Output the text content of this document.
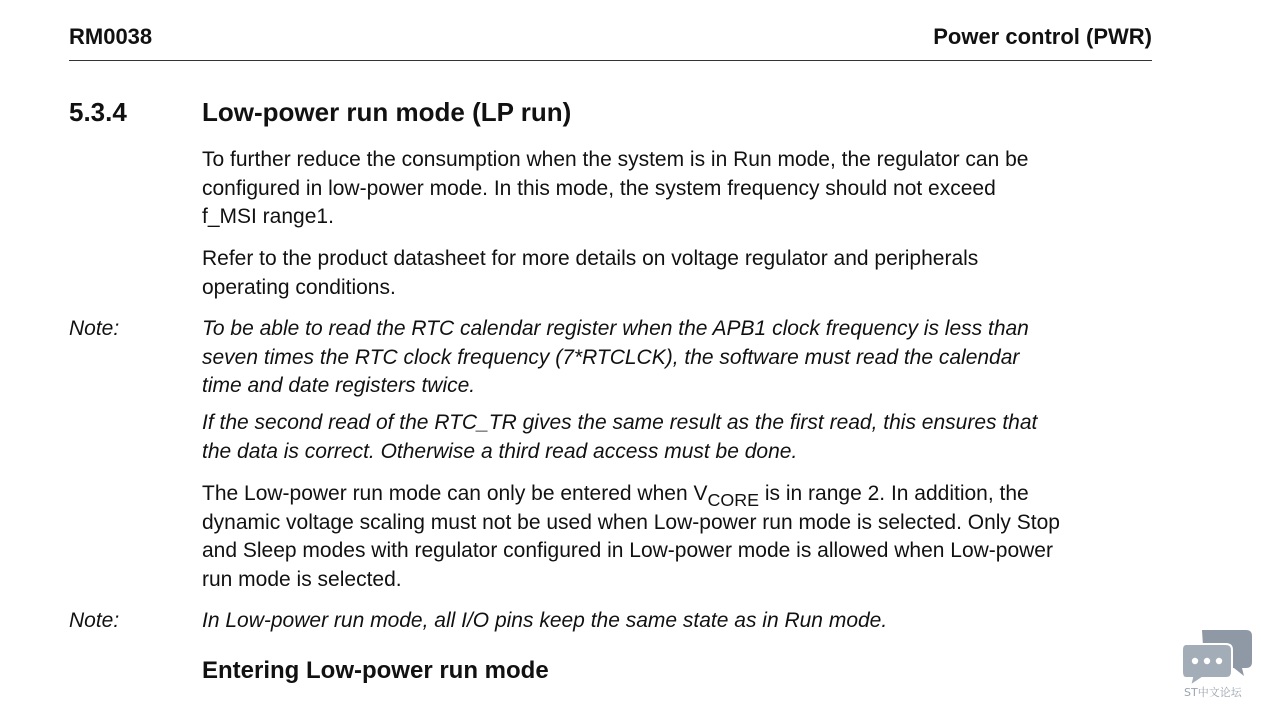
RM0038	Power control (PWR)
5.3.4	Low-power run mode (LP run)
To further reduce the consumption when the system is in Run mode, the regulator can be
configured in low-power mode. In this mode, the system frequency should not exceed
f_MSI range1.
Refer to the product datasheet for more details on voltage regulator and peripherals
operating conditions.
Note:	To be able to read the RTC calendar register when the APB1 clock frequency is less than
seven times the RTC clock frequency (7*RTCLCK), the software must read the calendar
time and date registers twice.
If the second read of the RTC_TR gives the same result as the first read, this ensures that
the data is correct. Otherwise a third read access must be done.
The Low-power run mode can only be entered when $V_{CORE}$ is in range 2. In addition, the
dynamic voltage scaling must not be used when Low-power run mode is selected. Only Stop
and Sleep modes with regulator configured in Low-power mode is allowed when Low-power
run mode is selected.
Note:	In Low-power run mode, all I/O pins keep the same state as in Run mode.
Entering Low-power run mode
ST中文论坛
